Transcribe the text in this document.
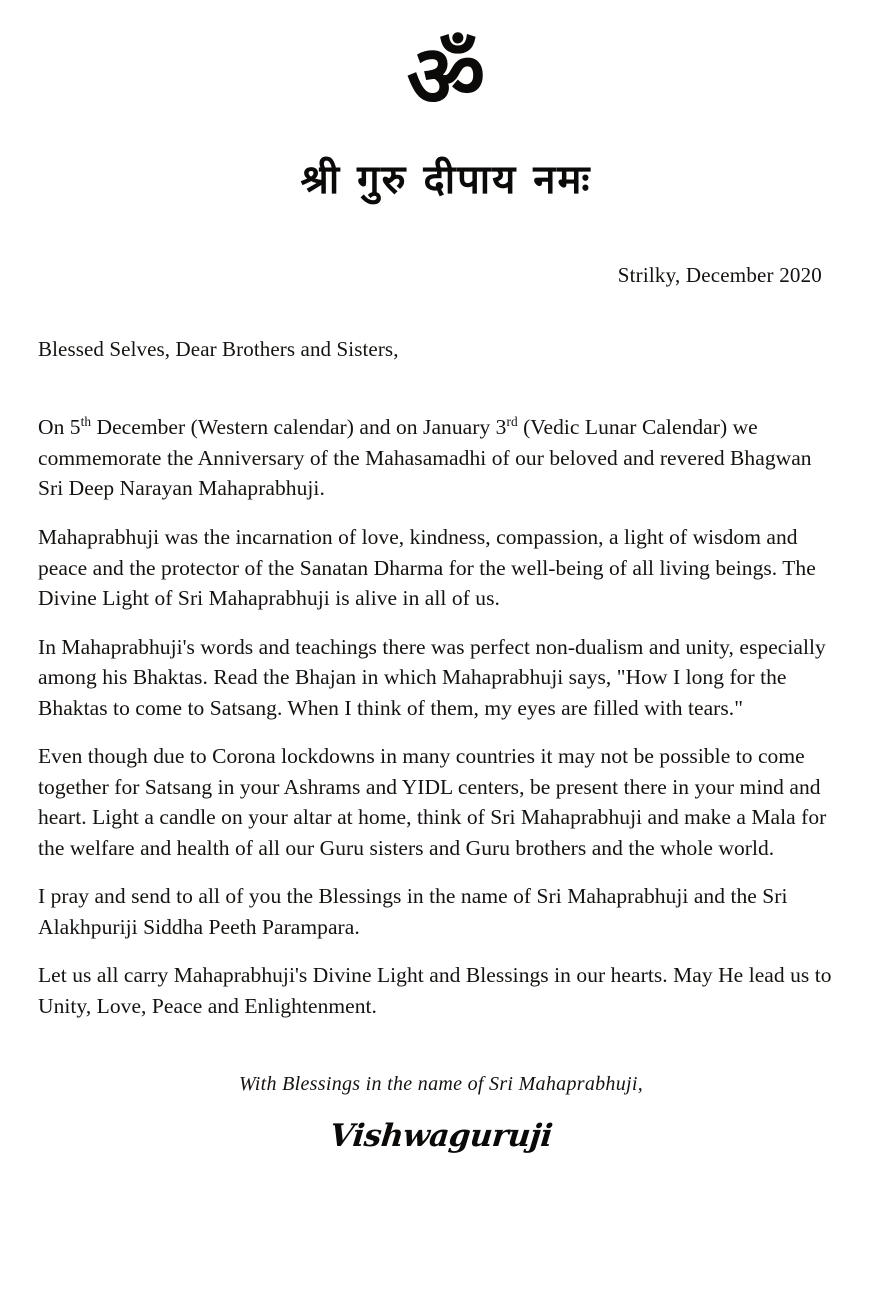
ॐ
श्री गुरु दीपाय नमः
Strilky, December 2020

Blessed Selves, Dear Brothers and Sisters,

On 5th December (Western calendar) and on January 3rd (Vedic Lunar Calendar) we commemorate the Anniversary of the Mahasamadhi of our beloved and revered Bhagwan Sri Deep Narayan Mahaprabhuji.

Mahaprabhuji was the incarnation of love, kindness, compassion, a light of wisdom and peace and the protector of the Sanatan Dharma for the well-being of all living beings. The Divine Light of Sri Mahaprabhuji is alive in all of us.

In Mahaprabhuji's words and teachings there was perfect non-dualism and unity, especially among his Bhaktas. Read the Bhajan in which Mahaprabhuji says, "How I long for the Bhaktas to come to Satsang. When I think of them, my eyes are filled with tears."

Even though due to Corona lockdowns in many countries it may not be possible to come together for Satsang in your Ashrams and YIDL centers, be present there in your mind and heart. Light a candle on your altar at home, think of Sri Mahaprabhuji and make a Mala for the welfare and health of all our Guru sisters and Guru brothers and the whole world.

I pray and send to all of you the Blessings in the name of Sri Mahaprabhuji and the Sri Alakhpuriji Siddha Peeth Parampara.

Let us all carry Mahaprabhuji's Divine Light and Blessings in our hearts. May He lead us to Unity, Love, Peace and Enlightenment.

With Blessings in the name of Sri Mahaprabhuji,
Vishwaguruji
